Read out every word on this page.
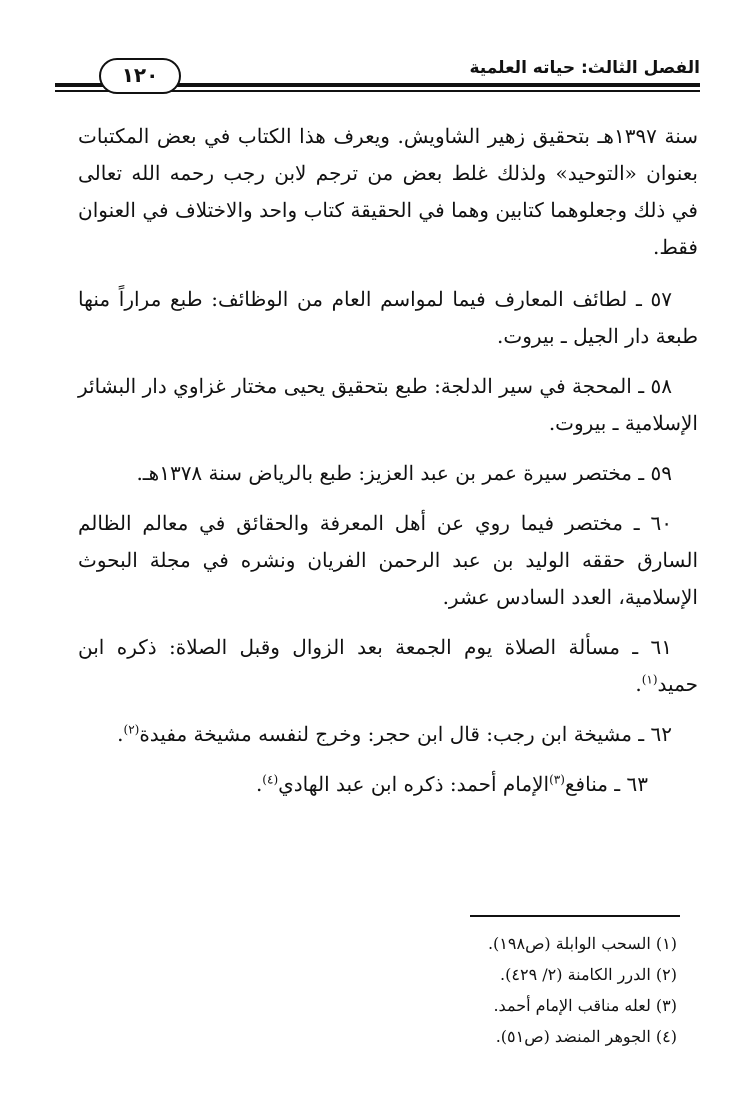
الفصل الثالث: حياته العلمية
١٢٠

سنة ١٣٩٧هـ بتحقيق زهير الشاويش. ويعرف هذا الكتاب في بعض المكتبات بعنوان «التوحيد» ولذلك غلط بعض من ترجم لابن رجب رحمه الله تعالى في ذلك وجعلوهما كتابين وهما في الحقيقة كتاب واحد والاختلاف في العنوان فقط.

٥٧ ـ لطائف المعارف فيما لمواسم العام من الوظائف: طبع مراراً منها طبعة دار الجيل ـ بيروت.

٥٨ ـ المحجة في سير الدلجة: طبع بتحقيق يحيى مختار غزاوي دار البشائر الإسلامية ـ بيروت.

٥٩ ـ مختصر سيرة عمر بن عبد العزيز: طبع بالرياض سنة ١٣٧٨هـ.

٦٠ ـ مختصر فيما روي عن أهل المعرفة والحقائق في معالم الظالم السارق حققه الوليد بن عبد الرحمن الفريان ونشره في مجلة البحوث الإسلامية، العدد السادس عشر.

٦١ ـ مسألة الصلاة يوم الجمعة بعد الزوال وقبل الصلاة: ذكره ابن حميد$^{(١)}$.

٦٢ ـ مشيخة ابن رجب: قال ابن حجر: وخرج لنفسه مشيخة مفيدة$^{(٢)}$.

٦٣ ـ منافع$^{(٣)}$الإمام أحمد: ذكره ابن عبد الهادي$^{(٤)}$.

(١) السحب الوابلة (ص١٩٨).

(٢) الدرر الكامنة (٢/ ٤٢٩).

(٣) لعله مناقب الإمام أحمد.

(٤) الجوهر المنضد (ص٥١).
